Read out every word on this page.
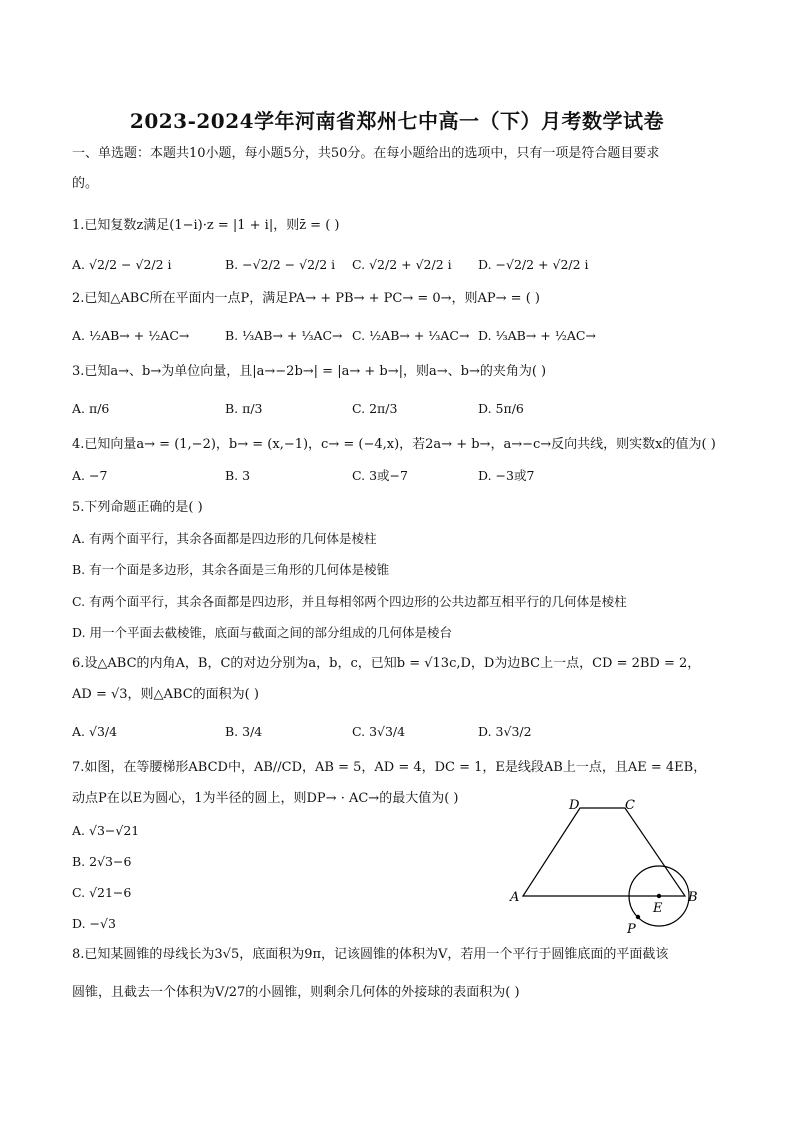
2023-2024学年河南省郑州七中高一（下）月考数学试卷
一、单选题：本题共10小题，每小题5分，共50分。在每小题给出的选项中，只有一项是符合题目要求
的。
1.已知复数z满足(1−i)·z = |1 + i|，则z̄ = ( )
A. √2/2 − √2/2 i	B. −√2/2 − √2/2 i C. √2/2 + √2/2 i D. −√2/2 + √2/2 i
2.已知△ABC所在平面内一点P，满足PA→ + PB→ + PC→ = 0→，则AP→ = ( )
A. ½AB→ + ½AC→	B. ⅓AB→ + ⅓AC→ C. ½AB→ + ⅓AC→ D. ⅓AB→ + ½AC→
3.已知a→、b→为单位向量，且|a→−2b→| = |a→ + b→|，则a→、b→的夹角为( )
A. π/6	B. π/3	C. 2π/3	D. 5π/6
4.已知向量a→ = (1,−2)，b→ = (x,−1)，c→ = (−4,x)，若2a→ + b→，a→−c→反向共线，则实数x的值为( )
A. −7	B. 3	C. 3或−7	D. −3或7
5.下列命题正确的是( )
A. 有两个面平行，其余各面都是四边形的几何体是棱柱
B. 有一个面是多边形，其余各面是三角形的几何体是棱锥
C. 有两个面平行，其余各面都是四边形，并且每相邻两个四边形的公共边都互相平行的几何体是棱柱
D. 用一个平面去截棱锥，底面与截面之间的部分组成的几何体是棱台
6.设△ABC的内角A，B，C的对边分别为a，b，c，已知b = √13c,D，D为边BC上一点，CD = 2BD = 2，
AD = √3，则△ABC的面积为( )
A. √3/4	B. 3/4	C. 3√3/4	D. 3√3/2
7.如图，在等腰梯形ABCD中，AB//CD，AB = 5，AD = 4，DC = 1，E是线段AB上一点，且AE = 4EB，
动点P在以E为圆心，1为半径的圆上，则DP→ · AC→的最大值为( )
A. √3−√21
B. 2√3−6
C. √21−6
D. −√3
D	C
A	B
E
P
8.已知某圆锥的母线长为3√5，底面积为9π，记该圆锥的体积为V，若用一个平行于圆锥底面的平面截该
圆锥，且截去一个体积为V/27的小圆锥，则剩余几何体的外接球的表面积为( )
